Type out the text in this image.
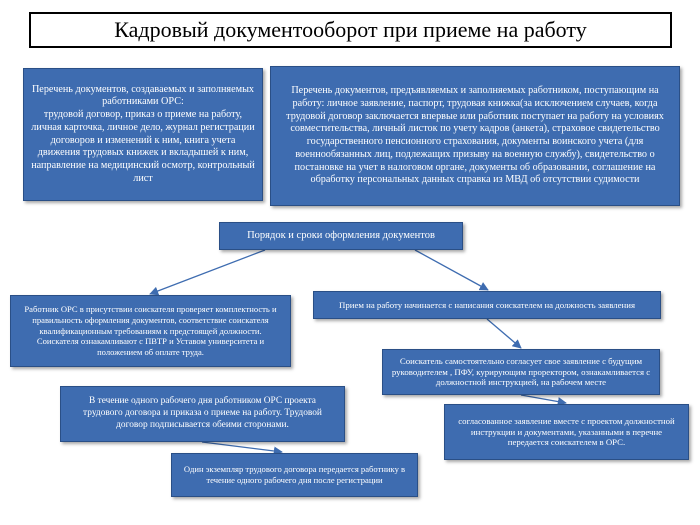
Кадровый документооборот при приеме на работу
Перечень документов, создаваемых и заполняемых работниками ОРС:
трудовой договор, приказ о приеме на работу, личная карточка, личное дело, журнал регистрации договоров и изменений к ним, книга учета движения трудовых книжек и вкладышей к ним, направление на медицинский осмотр, контрольный лист
Перечень документов, предъявляемых и заполняемых работником, поступающим на работу: личное заявление, паспорт, трудовая книжка(за исключением случаев, когда трудовой договор заключается впервые или работник поступает на работу на условиях совместительства, личный листок по учету кадров (анкета), страховое свидетельство государственного пенсионного страхования, документы воинского учета (для военнообязанных лиц, подлежащих призыву на военную службу), свидетельство о постановке на учет в налоговом органе, документы об образовании, соглашение на обработку персональных данных справка из МВД об отсутствии судимости
Порядок и сроки оформления документов
Работник ОРС в присутствии соискателя проверяет комплектность и правильность оформления документов, соответствие соискателя квалификационным требованиям к предстоящей должности.
Соискателя ознакамливают с ПВТР и Уставом университета и положением об оплате труда.
Прием на работу начинается с написания соискателем на должность заявления
Соискатель самостоятельно согласует свое заявление с будущим руководителем , ПФУ, курирующим проректором, ознакамливается с должностной инструкцией, на рабочем месте
В течение одного рабочего дня работником ОРС проекта трудового договора и приказа о приеме на работу. Трудовой договор подписывается обеими сторонами.	согласованное заявление вместе с проектом должностной инструкции и документами, указанными в перечне передается соискателем в ОРС.
Один экземпляр трудового договора передается работнику в течение одного рабочего дня после регистрации
